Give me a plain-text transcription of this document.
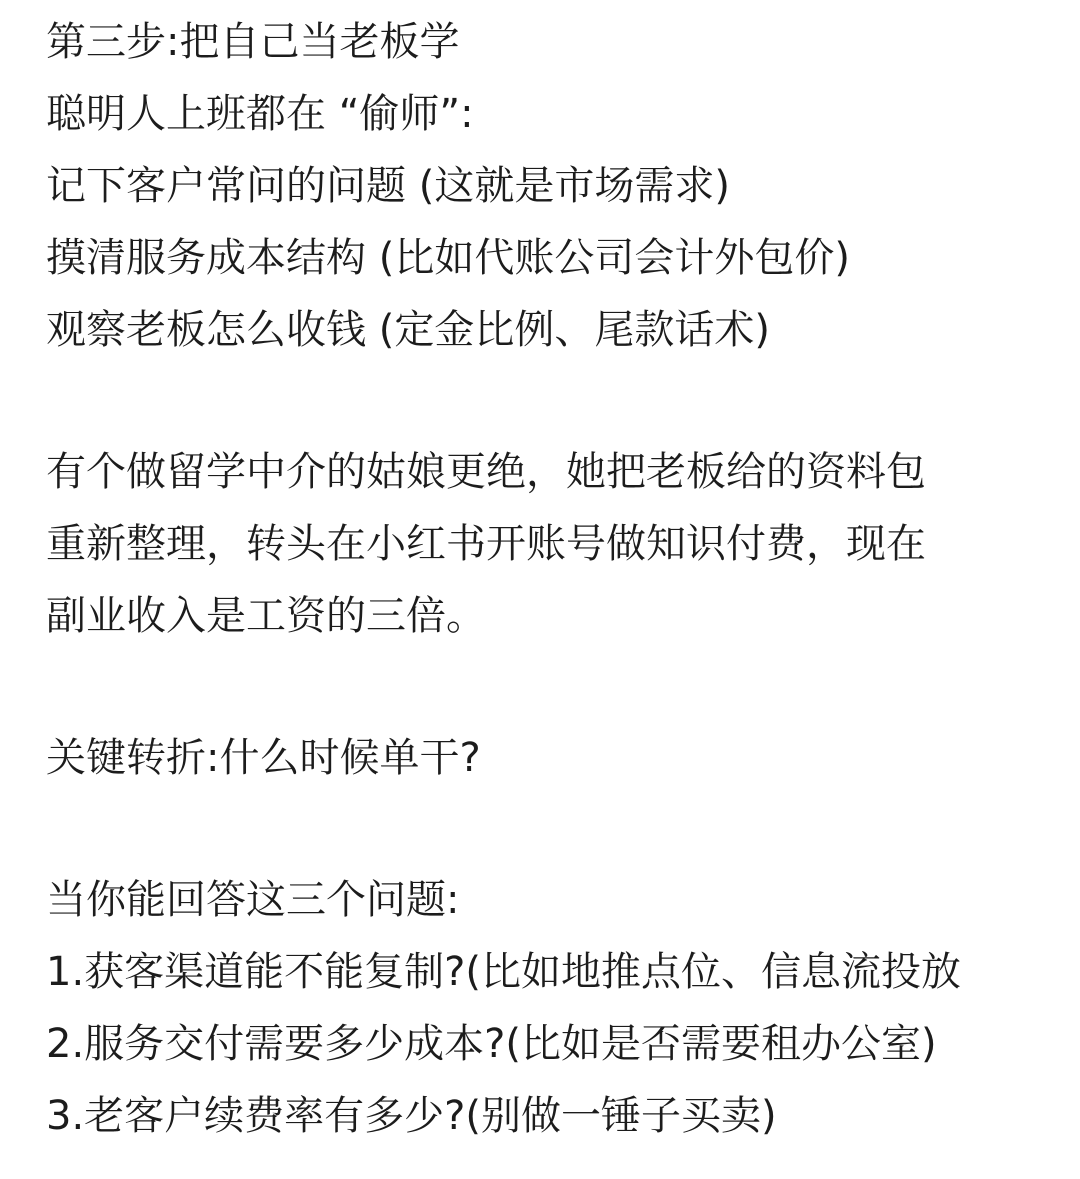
第三步:把自己当老板学
聪明人上班都在 “偷师”:
记下客户常问的问题 (这就是市场需求)
摸清服务成本结构 (比如代账公司会计外包价)
观察老板怎么收钱 (定金比例、尾款话术)
有个做留学中介的姑娘更绝，她把老板给的资料包
重新整理，转头在小红书开账号做知识付费，现在
副业收入是工资的三倍。
关键转折:什么时候单干?
当你能回答这三个问题:
1.获客渠道能不能复制?(比如地推点位、信息流投放
2.服务交付需要多少成本?(比如是否需要租办公室)
3.老客户续费率有多少?(别做一锤子买卖)
